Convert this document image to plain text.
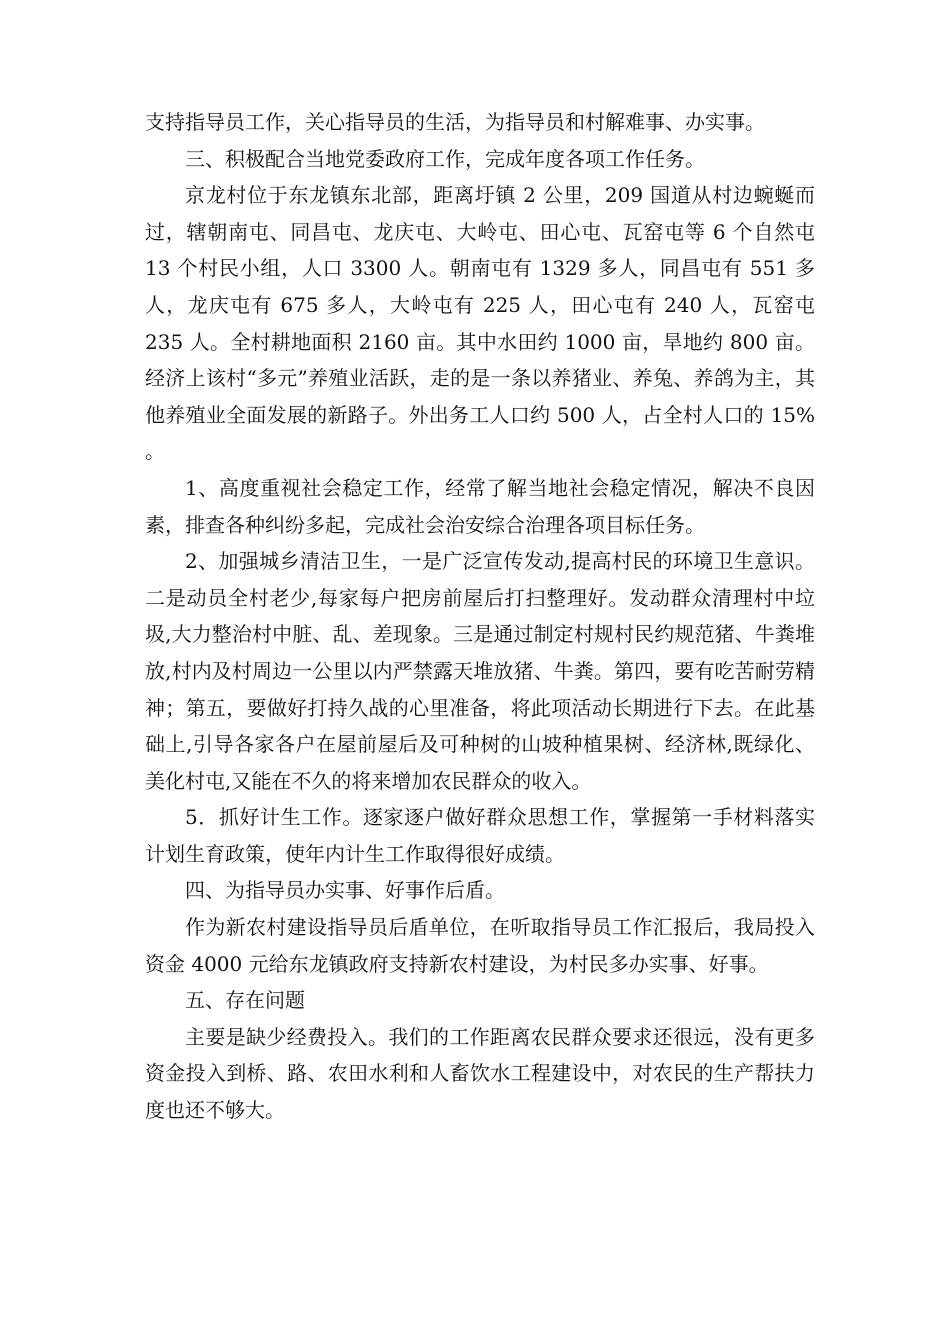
支持指导员工作，关心指导员的生活，为指导员和村解难事、办实事。

三、积极配合当地党委政府工作，完成年度各项工作任务。

京龙村位于东龙镇东北部，距离圩镇 2 公里，209 国道从村边蜿蜒而过，辖朝南屯、同昌屯、龙庆屯、大岭屯、田心屯、瓦窑屯等 6 个自然屯 13 个村民小组，人口 3300 人。朝南屯有 1329 多人，同昌屯有 551 多人，龙庆屯有 675 多人，大岭屯有 225 人，田心屯有 240 人，瓦窑屯 235 人。全村耕地面积 2160 亩。其中水田约 1000 亩，旱地约 800 亩。经济上该村“多元”养殖业活跃，走的是一条以养猪业、养兔、养鸽为主，其他养殖业全面发展的新路子。外出务工人口约 500 人，占全村人口的 15% 。

1、高度重视社会稳定工作，经常了解当地社会稳定情况，解决不良因素，排查各种纠纷多起，完成社会治安综合治理各项目标任务。

2、加强城乡清洁卫生，一是广泛宣传发动,提高村民的环境卫生意识。二是动员全村老少,每家每户把房前屋后打扫整理好。发动群众清理村中垃圾,大力整治村中脏、乱、差现象。三是通过制定村规村民约规范猪、牛粪堆放,村内及村周边一公里以内严禁露天堆放猪、牛粪。第四，要有吃苦耐劳精神；第五，要做好打持久战的心里准备，将此项活动长期进行下去。在此基础上,引导各家各户在屋前屋后及可种树的山坡种植果树、经济林,既绿化、美化村屯,又能在不久的将来增加农民群众的收入。

5．抓好计生工作。逐家逐户做好群众思想工作，掌握第一手材料落实计划生育政策，使年内计生工作取得很好成绩。

四、为指导员办实事、好事作后盾。

作为新农村建设指导员后盾单位，在听取指导员工作汇报后，我局投入资金 4000 元给东龙镇政府支持新农村建设，为村民多办实事、好事。

五、存在问题

主要是缺少经费投入。我们的工作距离农民群众要求还很远，没有更多资金投入到桥、路、农田水利和人畜饮水工程建设中，对农民的生产帮扶力度也还不够大。
